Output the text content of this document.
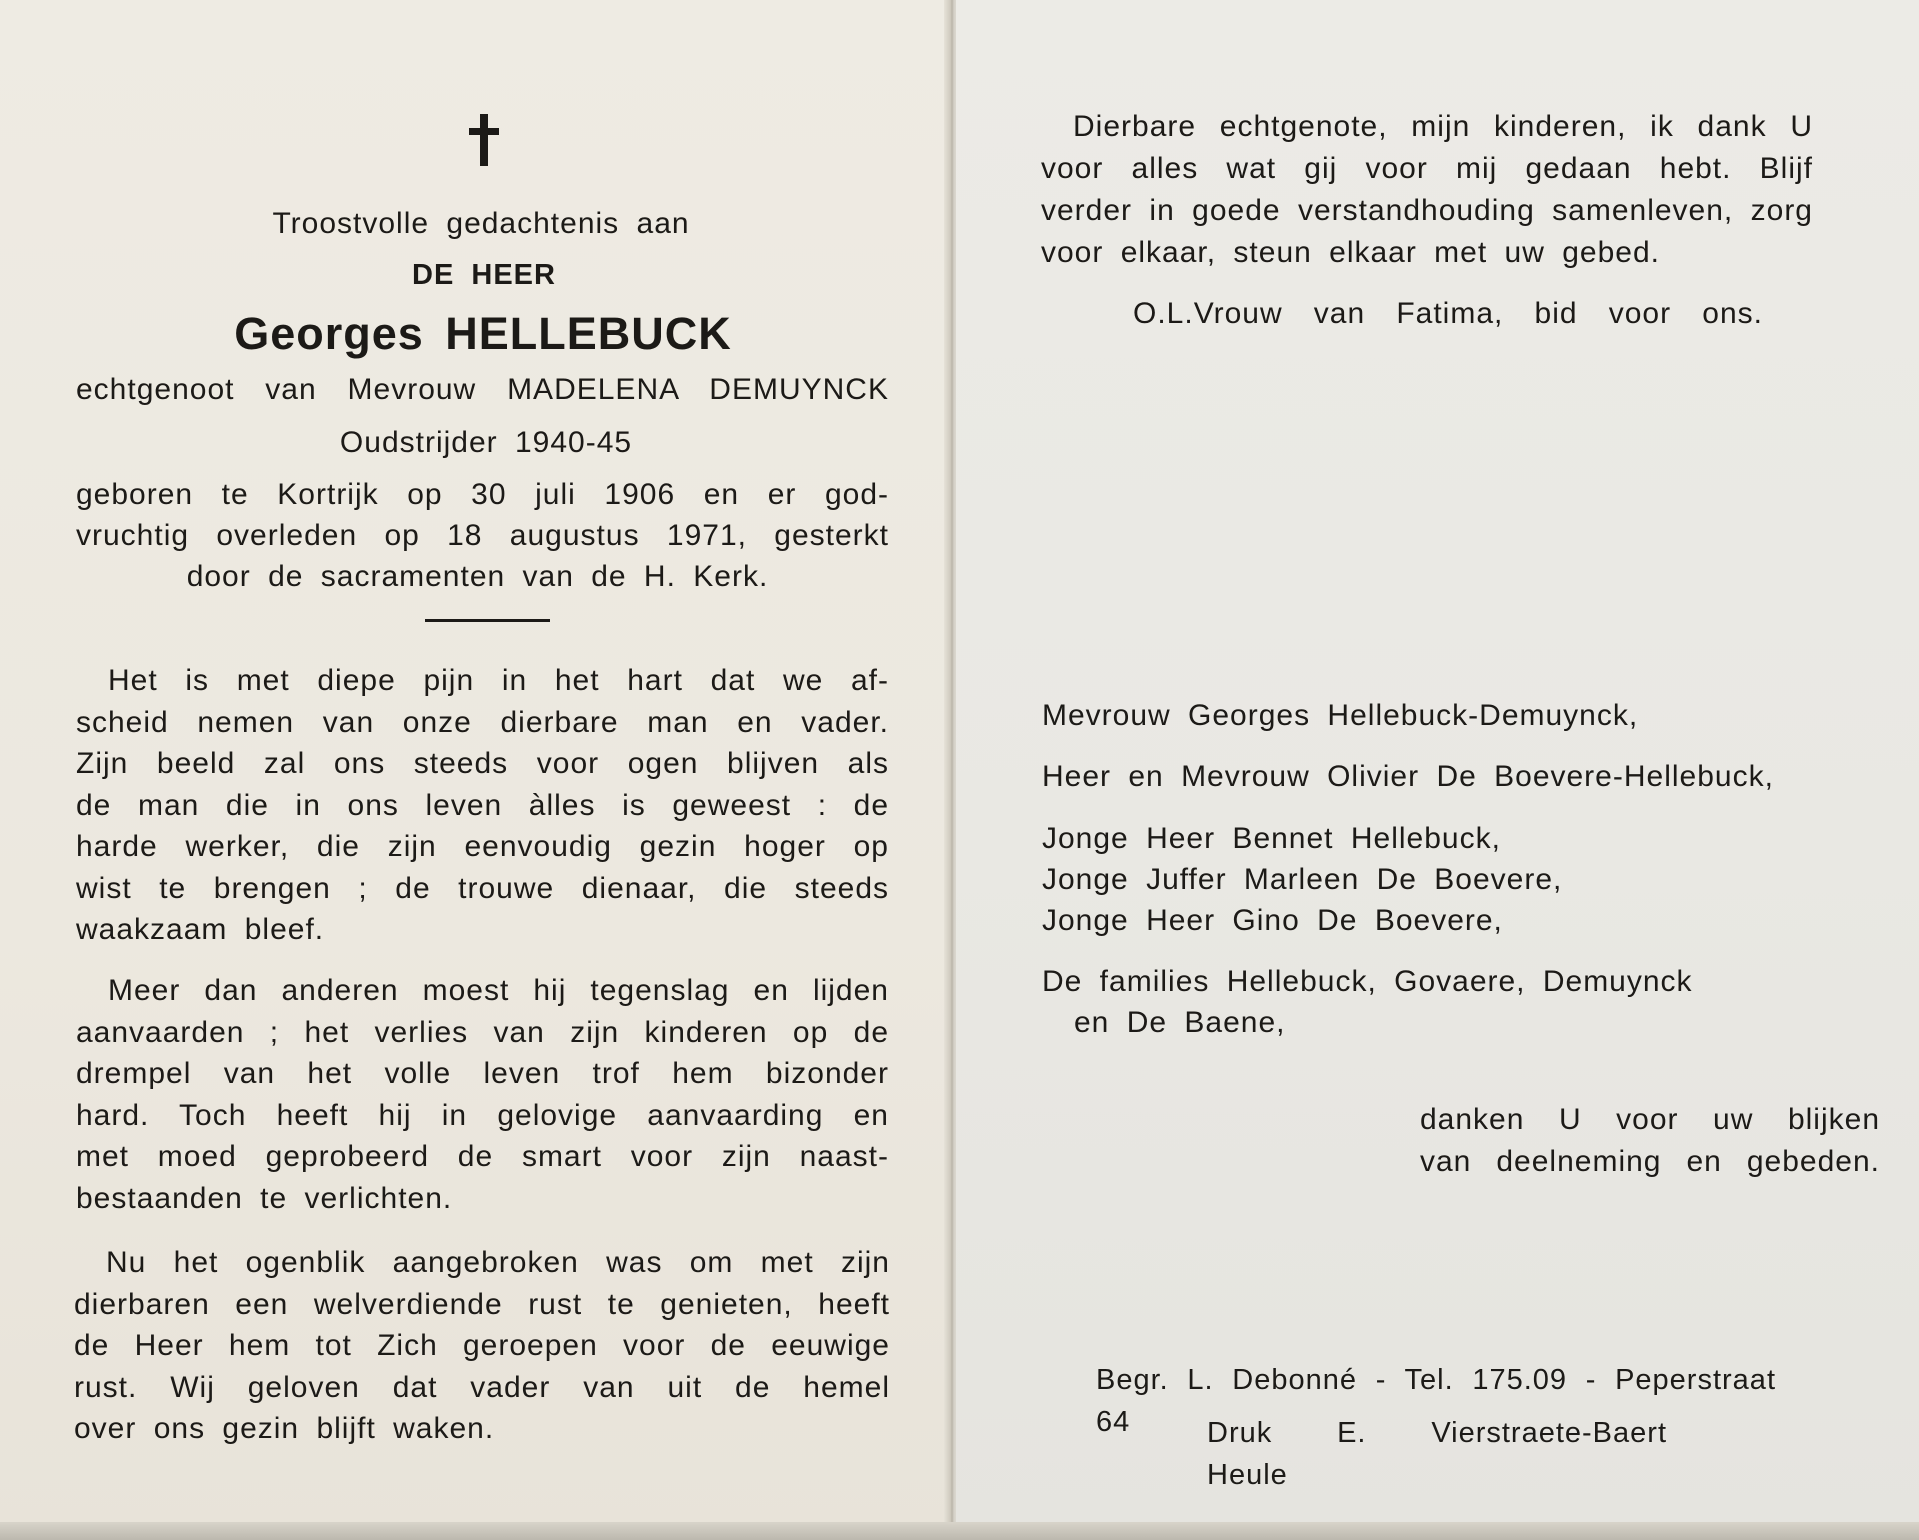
Troostvolle gedachtenis aan
DE HEER
Georges HELLEBUCK
echtgenoot van Mevrouw MADELENA DEMUYNCK
Oudstrijder 1940-45
geboren te Kortrijk op 30 juli 1906 en er god-
vruchtig overleden op 18 augustus 1971, gesterkt
door de sacramenten van de H. Kerk.
Het is met diepe pijn in het hart dat we af-
scheid nemen van onze dierbare man en vader.
Zijn beeld zal ons steeds voor ogen blijven als
de man die in ons leven àlles is geweest : de
harde werker, die zijn eenvoudig gezin hoger op
wist te brengen ; de trouwe dienaar, die steeds
waakzaam bleef.
Meer dan anderen moest hij tegenslag en lijden
aanvaarden ; het verlies van zijn kinderen op de
drempel van het volle leven trof hem bizonder
hard. Toch heeft hij in gelovige aanvaarding en
met moed geprobeerd de smart voor zijn naast-
bestaanden te verlichten.
Nu het ogenblik aangebroken was om met zijn
dierbaren een welverdiende rust te genieten, heeft
de Heer hem tot Zich geroepen voor de eeuwige
rust. Wij geloven dat vader van uit de hemel
over ons gezin blijft waken.
Dierbare echtgenote, mijn kinderen, ik dank U
voor alles wat gij voor mij gedaan hebt. Blijf
verder in goede verstandhouding samenleven, zorg
voor elkaar, steun elkaar met uw gebed.
O.L.Vrouw van Fatima, bid voor ons.
Mevrouw Georges Hellebuck-Demuynck,
Heer en Mevrouw Olivier De Boevere-Hellebuck,
Jonge Heer Bennet Hellebuck,
Jonge Juffer Marleen De Boevere,
Jonge Heer Gino De Boevere,
De families Hellebuck, Govaere, Demuynck
en De Baene,
danken U voor uw blijken
van deelneming en gebeden.
Begr. L. Debonné - Tel. 175.09 - Peperstraat 64	Druk E. Vierstraete-Baert Heule
